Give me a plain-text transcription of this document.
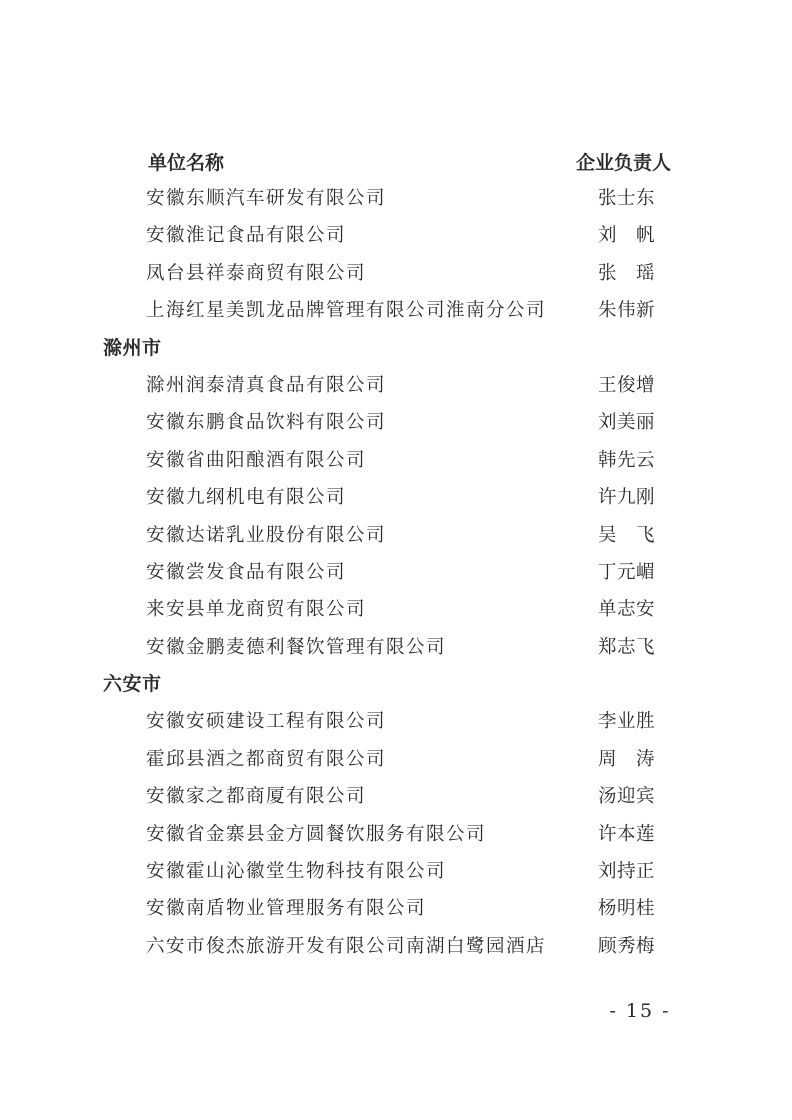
单位名称	企业负责人
安徽东顺汽车研发有限公司	张士东
安徽淮记食品有限公司	刘　帆
凤台县祥泰商贸有限公司	张　瑶
上海红星美凯龙品牌管理有限公司淮南分公司	朱伟新
滁州市
滁州润泰清真食品有限公司	王俊增
安徽东鹏食品饮料有限公司	刘美丽
安徽省曲阳酿酒有限公司	韩先云
安徽九纲机电有限公司	许九刚
安徽达诺乳业股份有限公司	吴　飞
安徽尝发食品有限公司	丁元嵋
来安县单龙商贸有限公司	单志安
安徽金鹏麦德利餐饮管理有限公司	郑志飞
六安市
安徽安硕建设工程有限公司	李业胜
霍邱县酒之都商贸有限公司	周　涛
安徽家之都商厦有限公司	汤迎宾
安徽省金寨县金方圆餐饮服务有限公司	许本莲
安徽霍山沁徽堂生物科技有限公司	刘持正
安徽南盾物业管理服务有限公司	杨明桂
六安市俊杰旅游开发有限公司南湖白鹭园酒店	顾秀梅
- 15 -
